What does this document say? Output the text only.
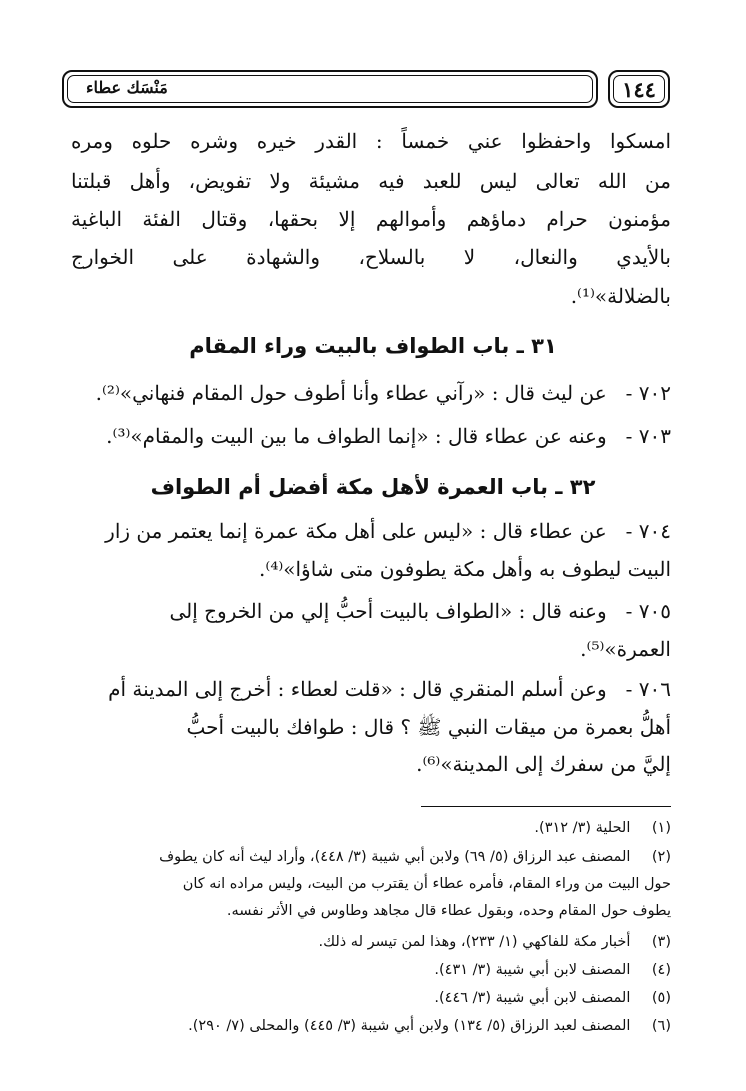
مَنْسَك عطاء	١٤٤
امسكوا واحفظوا عني خمساً : القدر خيره وشره حلوه ومره
من الله تعالى ليس للعبد فيه مشيئة ولا تفويض، وأهل قبلتنا
مؤمنون حرام دماؤهم وأموالهم إلا بحقها، وقتال الفئة الباغية
بالأيدي والنعال، لا بالسلاح، والشهادة على الخوارج
بالضلالة»⁽¹⁾.
٣١ ـ باب الطواف بالبيت وراء المقام
٧٠٢ - عن ليث قال : «رآني عطاء وأنا أطوف حول المقام فنهاني»⁽²⁾.
٧٠٣ - وعنه عن عطاء قال : «إنما الطواف ما بين البيت والمقام»⁽³⁾.
٣٢ ـ باب العمرة لأهل مكة أفضل أم الطواف
٧٠٤ - عن عطاء قال : «ليس على أهل مكة عمرة إنما يعتمر من زار
البيت ليطوف به وأهل مكة يطوفون متى شاؤا»⁽⁴⁾.
٧٠٥ - وعنه قال : «الطواف بالبيت أحبُّ إلي من الخروج إلى
العمرة»⁽⁵⁾.
٧٠٦ - وعن أسلم المنقري قال : «قلت لعطاء : أخرج إلى المدينة أم
أهلُّ بعمرة من ميقات النبي ﷺ ؟ قال : طوافك بالبيت أحبُّ
إليَّ من سفرك إلى المدينة»⁽⁶⁾.
(١) الحلية (٣/ ٣١٢).
(٢) المصنف عبد الرزاق (٥/ ٦٩) ولابن أبي شيبة (٣/ ٤٤٨)، وأراد ليث أنه كان يطوف
حول البيت من وراء المقام، فأمره عطاء أن يقترب من البيت، وليس مراده انه كان
يطوف حول المقام وحده، وبقول عطاء قال مجاهد وطاوس في الأثر نفسه.
(٣) أخبار مكة للفاكهي (١/ ٢٣٣)، وهذا لمن تيسر له ذلك.
(٤) المصنف لابن أبي شيبة (٣/ ٤٣١).
(٥) المصنف لابن أبي شيبة (٣/ ٤٤٦).
(٦) المصنف لعبد الرزاق (٥/ ١٣٤) ولابن أبي شيبة (٣/ ٤٤٥) والمحلى (٧/ ٢٩٠).
